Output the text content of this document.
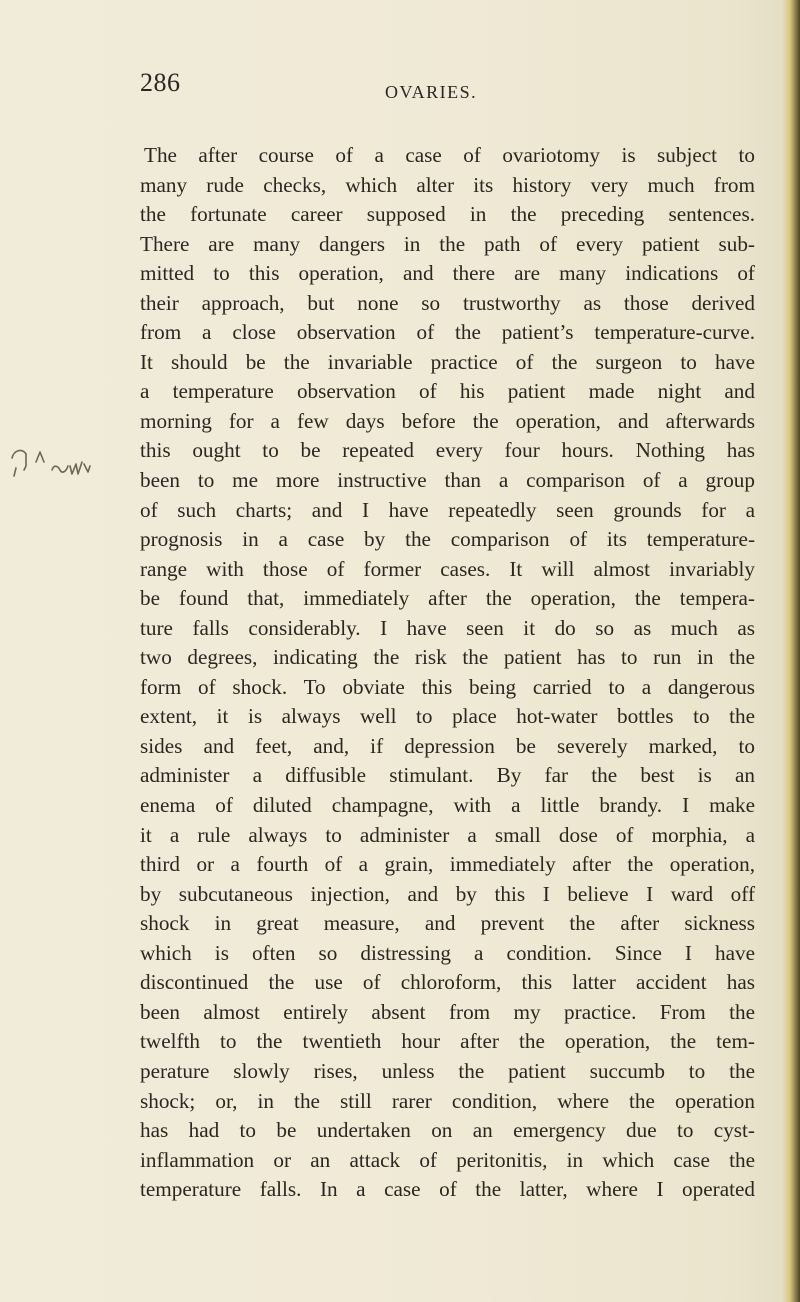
286	OVARIES.
The after course of a case of ovariotomy is subject to
many rude checks, which alter its history very much from
the fortunate career supposed in the preceding sentences.
There are many dangers in the path of every patient sub-
mitted to this operation, and there are many indications of
their approach, but none so trustworthy as those derived
from a close observation of the patient’s temperature-curve.
It should be the invariable practice of the surgeon to have
a temperature observation of his patient made night and
morning for a few days before the operation, and afterwards
this ought to be repeated every four hours. Nothing has
been to me more instructive than a comparison of a group
of such charts; and I have repeatedly seen grounds for a
prognosis in a case by the comparison of its temperature-
range with those of former cases. It will almost invariably
be found that, immediately after the operation, the tempera-
ture falls considerably. I have seen it do so as much as
two degrees, indicating the risk the patient has to run in the
form of shock. To obviate this being carried to a dangerous
extent, it is always well to place hot-water bottles to the
sides and feet, and, if depression be severely marked, to
administer a diffusible stimulant. By far the best is an
enema of diluted champagne, with a little brandy. I make
it a rule always to administer a small dose of morphia, a
third or a fourth of a grain, immediately after the operation,
by subcutaneous injection, and by this I believe I ward off
shock in great measure, and prevent the after sickness
which is often so distressing a condition. Since I have
discontinued the use of chloroform, this latter accident has
been almost entirely absent from my practice. From the
twelfth to the twentieth hour after the operation, the tem-
perature slowly rises, unless the patient succumb to the
shock; or, in the still rarer condition, where the operation
has had to be undertaken on an emergency due to cyst-
inflammation or an attack of peritonitis, in which case the
temperature falls. In a case of the latter, where I operated
